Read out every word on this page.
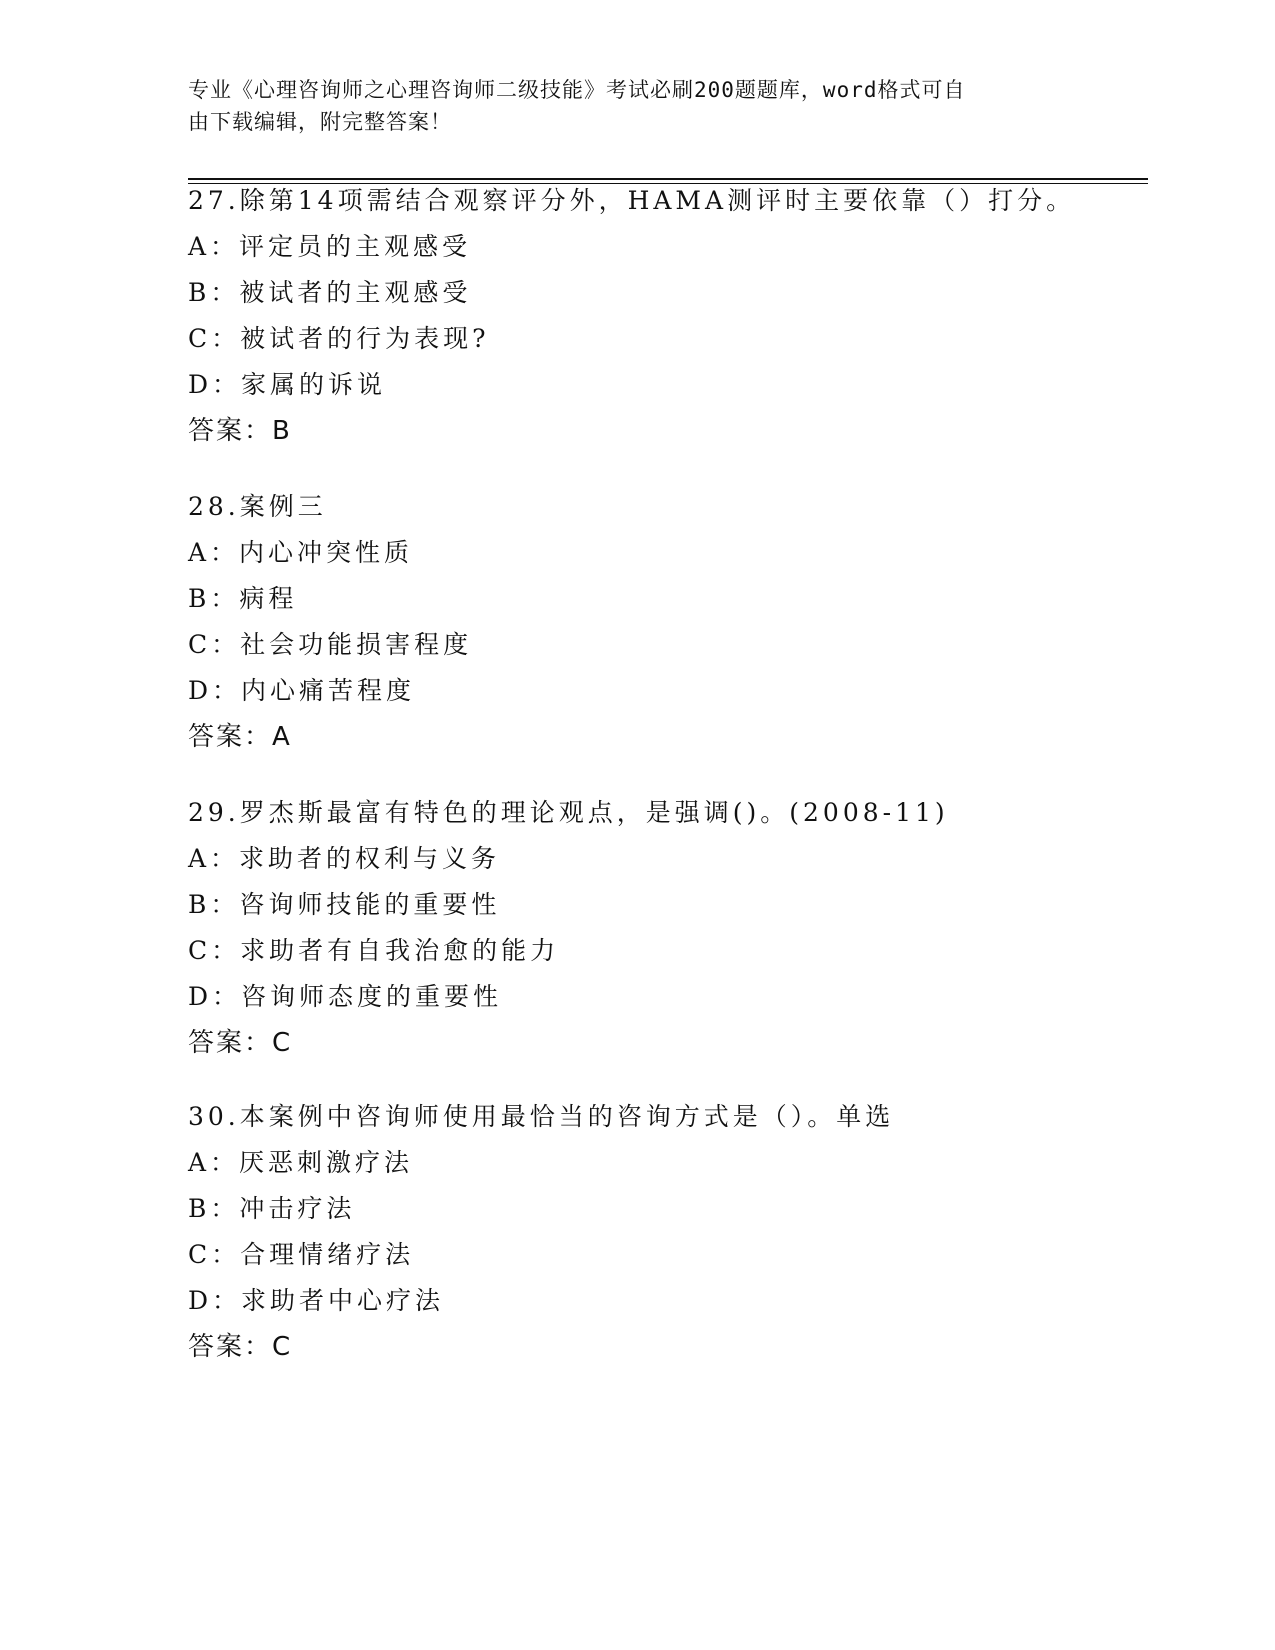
专业《心理咨询师之心理咨询师二级技能》考试必刷200题题库，word格式可自
由下载编辑，附完整答案！
27.除第14项需结合观察评分外，HAMA测评时主要依靠（）打分。
A：评定员的主观感受
B：被试者的主观感受
C：被试者的行为表现?
D：家属的诉说
答案：B
28.案例三
A：内心冲突性质
B：病程
C：社会功能损害程度
D：内心痛苦程度
答案：A
29.罗杰斯最富有特色的理论观点，是强调()。(2008-11)
A：求助者的权利与义务
B：咨询师技能的重要性
C：求助者有自我治愈的能力
D：咨询师态度的重要性
答案：C
30.本案例中咨询师使用最恰当的咨询方式是（）。单选
A：厌恶刺激疗法
B：冲击疗法
C：合理情绪疗法
D：求助者中心疗法
答案：C
